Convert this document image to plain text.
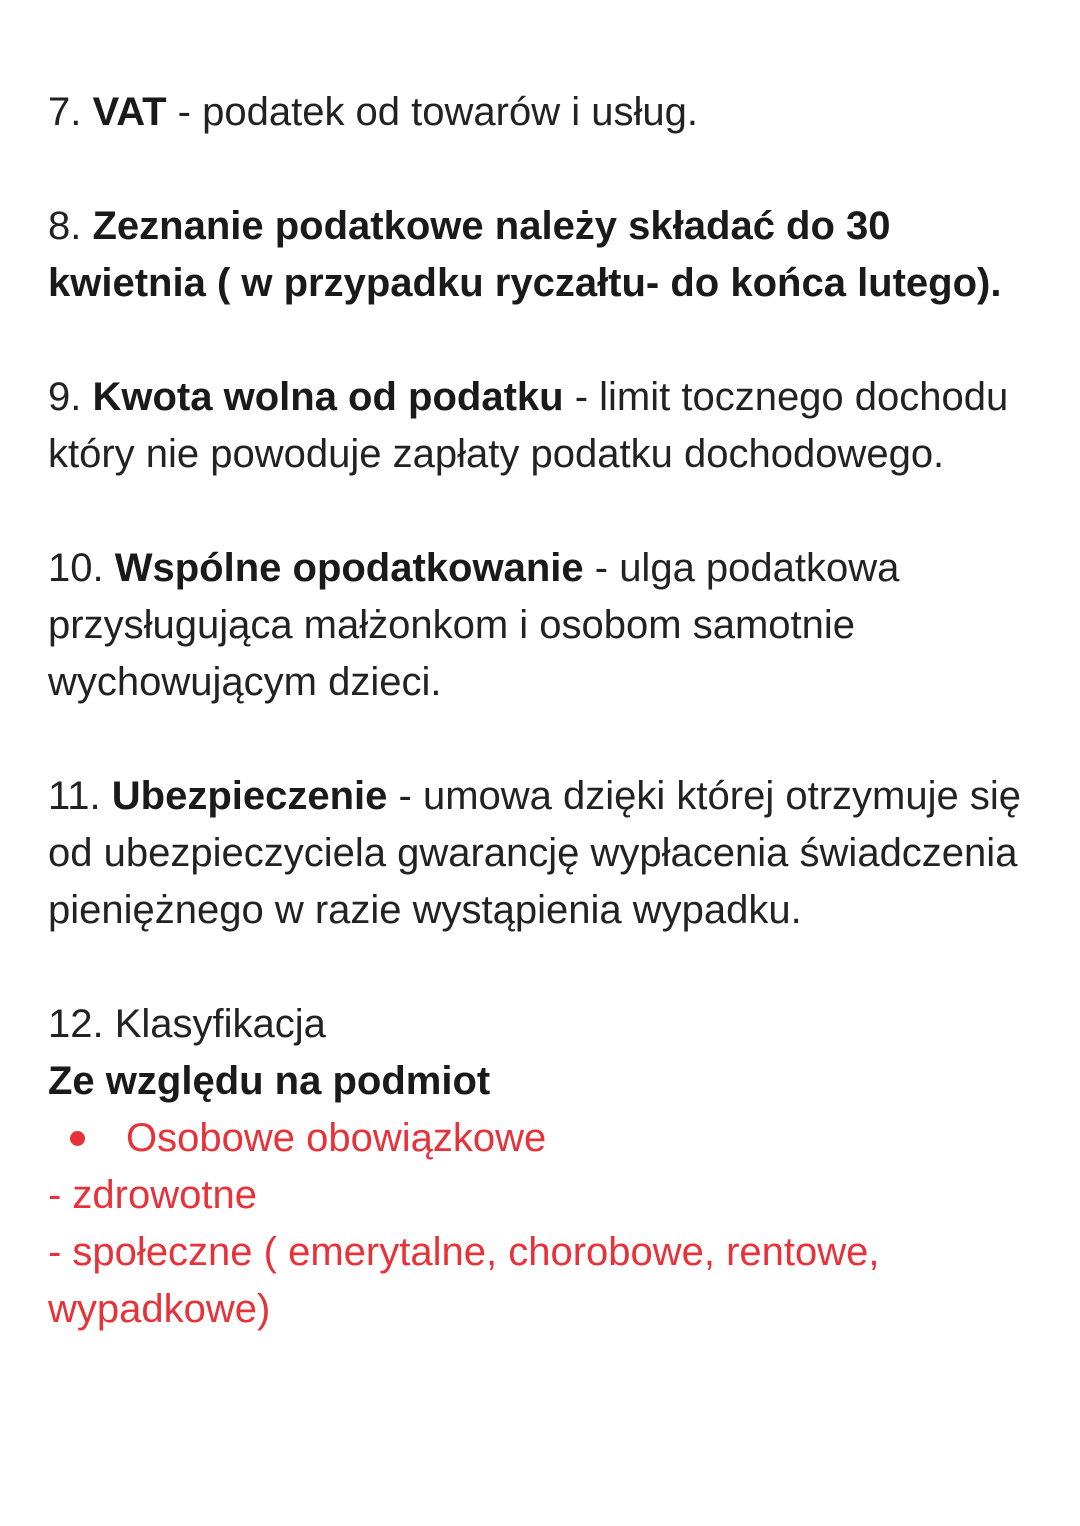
7. VAT - podatek od towarów i usług.
8. Zeznanie podatkowe należy składać do 30 kwietnia ( w przypadku ryczałtu- do końca lutego).
9. Kwota wolna od podatku - limit tocznego dochodu który nie powoduje zapłaty podatku dochodowego.
10. Wspólne opodatkowanie - ulga podatkowa przysługująca małżonkom i osobom samotnie wychowującym dzieci.
11. Ubezpieczenie - umowa dzięki której otrzymuje się od ubezpieczyciela gwarancję wypłacenia świadczenia pieniężnego w razie wystąpienia wypadku.
12. Klasyfikacja
Ze względu na podmiot
Osobowe obowiązkowe
- zdrowotne
- społeczne ( emerytalne, chorobowe, rentowe, wypadkowe)
